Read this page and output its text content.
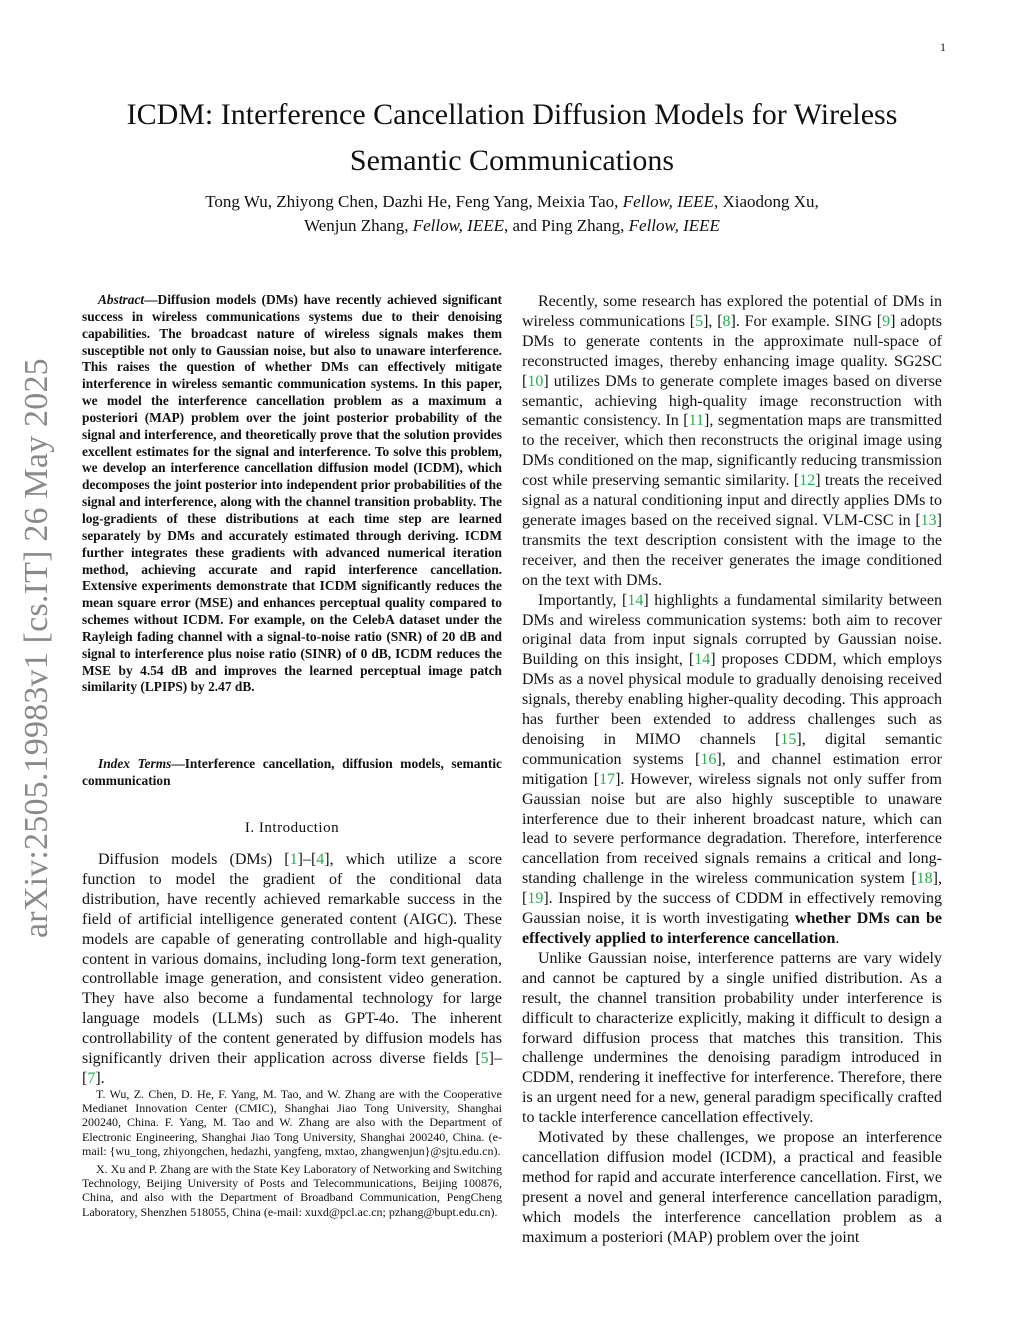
1
arXiv:2505.19983v1 [cs.IT] 26 May 2025
ICDM: Interference Cancellation Diffusion Models for Wireless Semantic Communications
Tong Wu, Zhiyong Chen, Dazhi He, Feng Yang, Meixia Tao, Fellow, IEEE, Xiaodong Xu,
Wenjun Zhang, Fellow, IEEE, and Ping Zhang, Fellow, IEEE
Abstract—Diffusion models (DMs) have recently achieved significant success in wireless communications systems due to their denoising capabilities. The broadcast nature of wireless signals makes them susceptible not only to Gaussian noise, but also to unaware interference. This raises the question of whether DMs can effectively mitigate interference in wireless semantic communication systems. In this paper, we model the interference cancellation problem as a maximum a posteriori (MAP) problem over the joint posterior probability of the signal and interference, and theoretically prove that the solution provides excellent estimates for the signal and interference. To solve this problem, we develop an interference cancellation diffusion model (ICDM), which decomposes the joint posterior into independent prior probabilities of the signal and interference, along with the channel transition probablity. The log-gradients of these distributions at each time step are learned separately by DMs and accurately estimated through deriving. ICDM further integrates these gradients with advanced numerical iteration method, achieving accurate and rapid interference cancellation. Extensive experiments demonstrate that ICDM significantly reduces the mean square error (MSE) and enhances perceptual quality compared to schemes without ICDM. For example, on the CelebA dataset under the Rayleigh fading channel with a signal-to-noise ratio (SNR) of 20 dB and signal to interference plus noise ratio (SINR) of 0 dB, ICDM reduces the MSE by 4.54 dB and improves the learned perceptual image patch similarity (LPIPS) by 2.47 dB.
Index Terms—Interference cancellation, diffusion models, semantic communication
I. Introduction

Diffusion models (DMs) [1]–[4], which utilize a score function to model the gradient of the conditional data distribution, have recently achieved remarkable success in the field of artificial intelligence generated content (AIGC). These models are capable of generating controllable and high-quality content in various domains, including long-form text generation, controllable image generation, and consistent video generation. They have also become a fundamental technology for large language models (LLMs) such as GPT-4o. The inherent controllability of the content generated by diffusion models has significantly driven their application across diverse fields [5]–[7].

T. Wu, Z. Chen, D. He, F. Yang, M. Tao, and W. Zhang are with the Cooperative Medianet Innovation Center (CMIC), Shanghai Jiao Tong University, Shanghai 200240, China. F. Yang, M. Tao and W. Zhang are also with the Department of Electronic Engineering, Shanghai Jiao Tong University, Shanghai 200240, China. (e-mail: {wu_tong, zhiyongchen, hedazhi, yangfeng, mxtao, zhangwenjun}@sjtu.edu.cn).

X. Xu and P. Zhang are with the State Key Laboratory of Networking and Switching Technology, Beijing University of Posts and Telecommunications, Beijing 100876, China, and also with the Department of Broadband Communication, PengCheng Laboratory, Shenzhen 518055, China (e-mail: xuxd@pcl.ac.cn; pzhang@bupt.edu.cn).

Recently, some research has explored the potential of DMs in wireless communications [5], [8]. For example. SING [9] adopts DMs to generate contents in the approximate null-space of reconstructed images, thereby enhancing image quality. SG2SC [10] utilizes DMs to generate complete images based on diverse semantic, achieving high-quality image reconstruction with semantic consistency. In [11], segmentation maps are transmitted to the receiver, which then reconstructs the original image using DMs conditioned on the map, significantly reducing transmission cost while preserving semantic similarity. [12] treats the received signal as a natural conditioning input and directly applies DMs to generate images based on the received signal. VLM-CSC in [13] transmits the text description consistent with the image to the receiver, and then the receiver generates the image conditioned on the text with DMs.

Importantly, [14] highlights a fundamental similarity between DMs and wireless communication systems: both aim to recover original data from input signals corrupted by Gaussian noise. Building on this insight, [14] proposes CDDM, which employs DMs as a novel physical module to gradually denoising received signals, thereby enabling higher-quality decoding. This approach has further been extended to address challenges such as denoising in MIMO channels [15], digital semantic communication systems [16], and channel estimation error mitigation [17]. However, wireless signals not only suffer from Gaussian noise but are also highly susceptible to unaware interference due to their inherent broadcast nature, which can lead to severe performance degradation. Therefore, interference cancellation from received signals remains a critical and long-standing challenge in the wireless communication system [18], [19]. Inspired by the success of CDDM in effectively removing Gaussian noise, it is worth investigating whether DMs can be effectively applied to interference cancellation.

Unlike Gaussian noise, interference patterns are vary widely and cannot be captured by a single unified distribution. As a result, the channel transition probability under interference is difficult to characterize explicitly, making it difficult to design a forward diffusion process that matches this transition. This challenge undermines the denoising paradigm introduced in CDDM, rendering it ineffective for interference. Therefore, there is an urgent need for a new, general paradigm specifically crafted to tackle interference cancellation effectively.

Motivated by these challenges, we propose an interference cancellation diffusion model (ICDM), a practical and feasible method for rapid and accurate interference cancellation. First, we present a novel and general interference cancellation paradigm, which models the interference cancellation problem as a maximum a posteriori (MAP) problem over the joint
